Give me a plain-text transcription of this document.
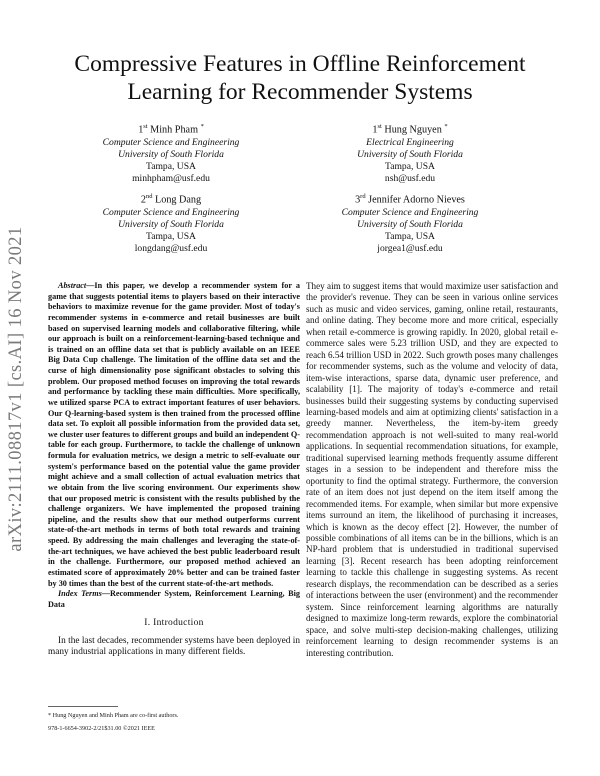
arXiv:2111.08817v1 [cs.AI] 16 Nov 2021
Compressive Features in Offline Reinforcement
Learning for Recommender Systems
1st Minh Pham *
Computer Science and Engineering
University of South Florida
Tampa, USA
minhpham@usf.edu
1st Hung Nguyen *
Electrical Engineering
University of South Florida
Tampa, USA
nsh@usf.edu
2nd Long Dang
Computer Science and Engineering
University of South Florida
Tampa, USA
longdang@usf.edu
3rd Jennifer Adorno Nieves
Computer Science and Engineering
University of South Florida
Tampa, USA
jorgea1@usf.edu

Abstract—In this paper, we develop a recommender system for a game that suggests potential items to players based on their interactive behaviors to maximize revenue for the game provider. Most of today's recommender systems in e-commerce and retail businesses are built based on supervised learning models and collaborative filtering, while our approach is built on a reinforcement-learning-based technique and is trained on an offline data set that is publicly available on an IEEE Big Data Cup challenge. The limitation of the offline data set and the curse of high dimensionality pose significant obstacles to solving this problem. Our proposed method focuses on improving the total rewards and performance by tackling these main difficulties. More specifically, we utilized sparse PCA to extract important features of user behaviors. Our Q-learning-based system is then trained from the processed offline data set. To exploit all possible information from the provided data set, we cluster user features to different groups and build an independent Q-table for each group. Furthermore, to tackle the challenge of unknown formula for evaluation metrics, we design a metric to self-evaluate our system's performance based on the potential value the game provider might achieve and a small collection of actual evaluation metrics that we obtain from the live scoring environment. Our experiments show that our proposed metric is consistent with the results published by the challenge organizers. We have implemented the proposed training pipeline, and the results show that our method outperforms current state-of-the-art methods in terms of both total rewards and training speed. By addressing the main challenges and leveraging the state-of-the-art techniques, we have achieved the best public leaderboard result in the challenge. Furthermore, our proposed method achieved an estimated score of approximately 20% better and can be trained faster by 30 times than the best of the current state-of-the-art methods.

Index Terms—Recommender System, Reinforcement Learning, Big Data

I. Introduction

In the last decades, recommender systems have been deployed in many industrial applications in many different fields.

* Hung Nguyen and Minh Pham are co-first authors.
978-1-6654-3902-2/21$31.00 ©2021 IEEE

They aim to suggest items that would maximize user satisfaction and the provider's revenue. They can be seen in various online services such as music and video services, gaming, online retail, restaurants, and online dating. They become more and more critical, especially when retail e-commerce is growing rapidly. In 2020, global retail e-commerce sales were 5.23 trillion USD, and they are expected to reach 6.54 trillion USD in 2022. Such growth poses many challenges for recommender systems, such as the volume and velocity of data, item-wise interactions, sparse data, dynamic user preference, and scalability [1]. The majority of today's e-commerce and retail businesses build their suggesting systems by conducting supervised learning-based models and aim at optimizing clients' satisfaction in a greedy manner. Nevertheless, the item-by-item greedy recommendation approach is not well-suited to many real-world applications. In sequential recommendation situations, for example, traditional supervised learning methods frequently assume different stages in a session to be independent and therefore miss the oportunity to find the optimal strategy. Furthermore, the conversion rate of an item does not just depend on the item itself among the recommended items. For example, when similar but more expensive items surround an item, the likelihood of purchasing it increases, which is known as the decoy effect [2]. However, the number of possible combinations of all items can be in the billions, which is an NP-hard problem that is understudied in traditional supervised learning [3]. Recent research has been adopting reinforcement learning to tackle this challenge in suggesting systems. As recent research displays, the recommendation can be described as a series of interactions between the user (environment) and the recommender system. Since reinforcement learning algorithms are naturally designed to maximize long-term rewards, explore the combinatorial space, and solve multi-step decision-making challenges, utilizing reinforcement learning to design recommender systems is an interesting contribution.
